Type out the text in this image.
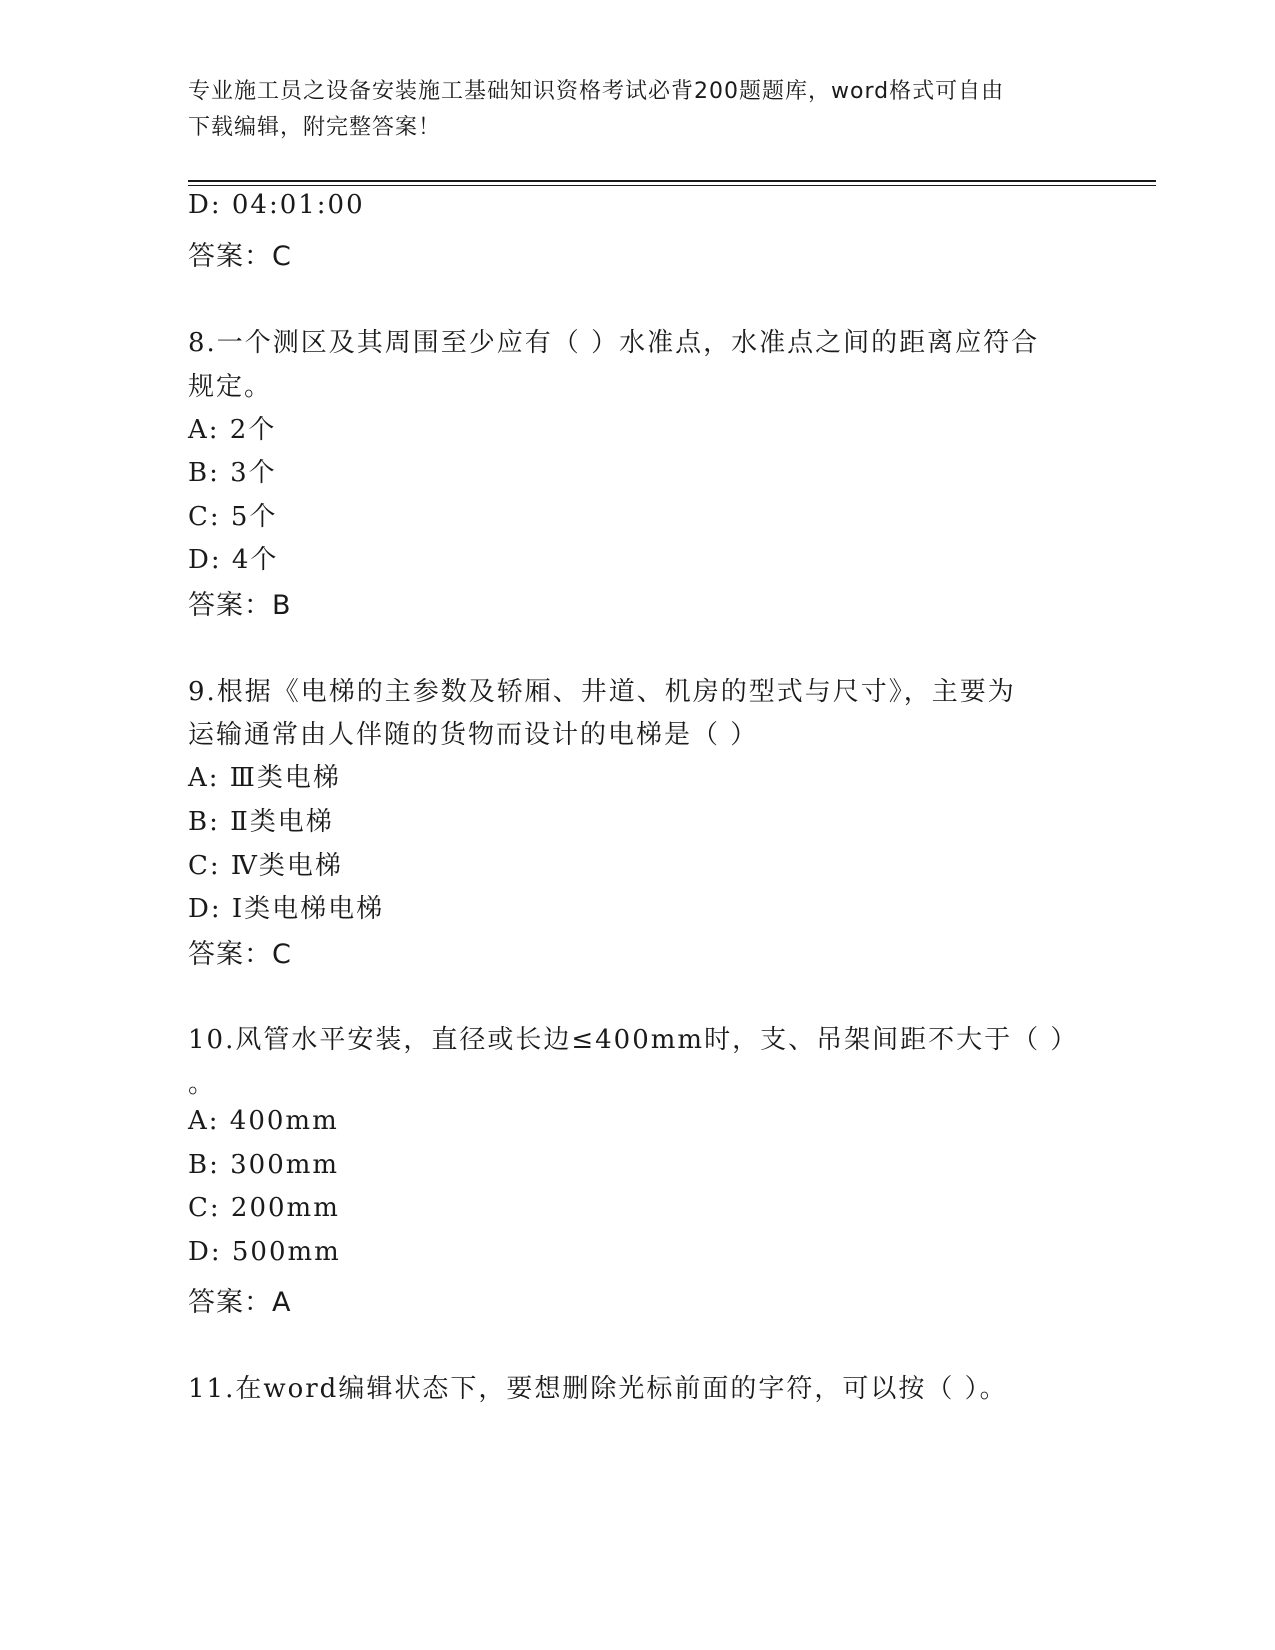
专业施工员之设备安装施工基础知识资格考试必背200题题库，word格式可自由
下载编辑，附完整答案！
D: 04:01:00
答案：C
8.一个测区及其周围至少应有（ ）水准点，水准点之间的距离应符合
规定。
A: 2个
B: 3个
C: 5个
D: 4个
答案：B
9.根据《电梯的主参数及轿厢、井道、机房的型式与尺寸》，主要为
运输通常由人伴随的货物而设计的电梯是（ ）
A: Ⅲ类电梯
B: Ⅱ类电梯
C: Ⅳ类电梯
D: Ⅰ类电梯电梯
答案：C
10.风管水平安装，直径或长边≤400mm时，支、吊架间距不大于（ ）
。
A: 400mm
B: 300mm
C: 200mm
D: 500mm
答案：A
11.在word编辑状态下，要想删除光标前面的字符，可以按（ ）。
